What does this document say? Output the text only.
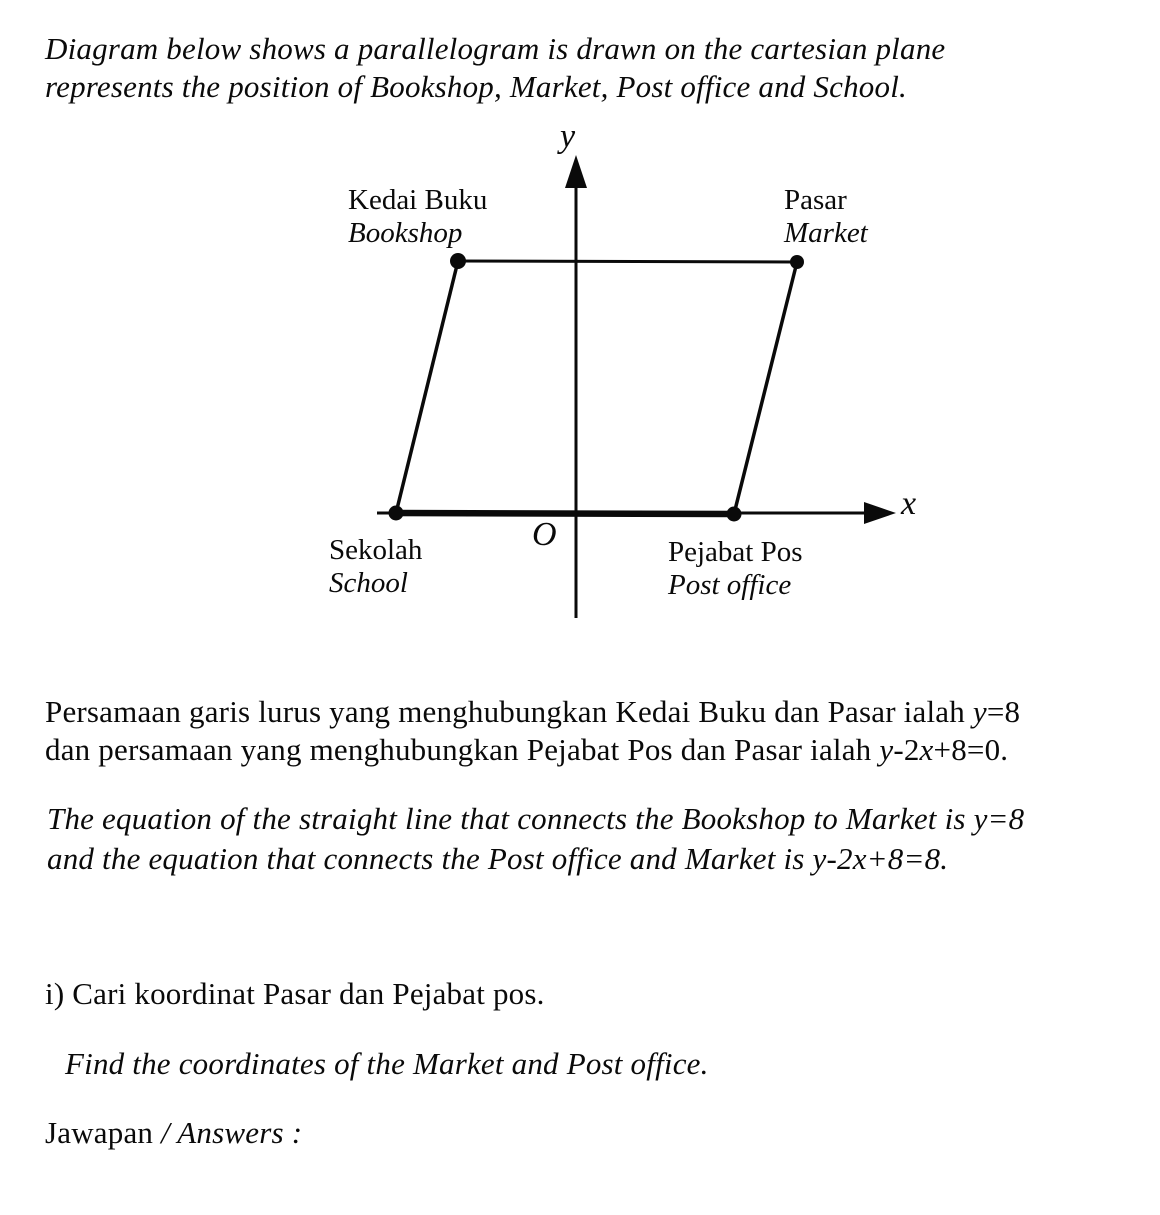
Diagram below shows a parallelogram is drawn on the cartesian plane
represents the position of Bookshop, Market, Post office and School.

y
x
O
Kedai Buku
Bookshop
Pasar
Market
Sekolah
School
Pejabat Pos
Post office

Persamaan garis lurus yang menghubungkan Kedai Buku dan Pasar ialah y=8
dan persamaan yang menghubungkan Pejabat Pos dan Pasar ialah y-2x+8=0.

The equation of the straight line that connects the Bookshop to Market is y=8
and the equation that connects the Post office and Market is y-2x+8=8.

i) Cari koordinat Pasar dan Pejabat pos.

Find the coordinates of the Market and Post office.

Jawapan / Answers :
